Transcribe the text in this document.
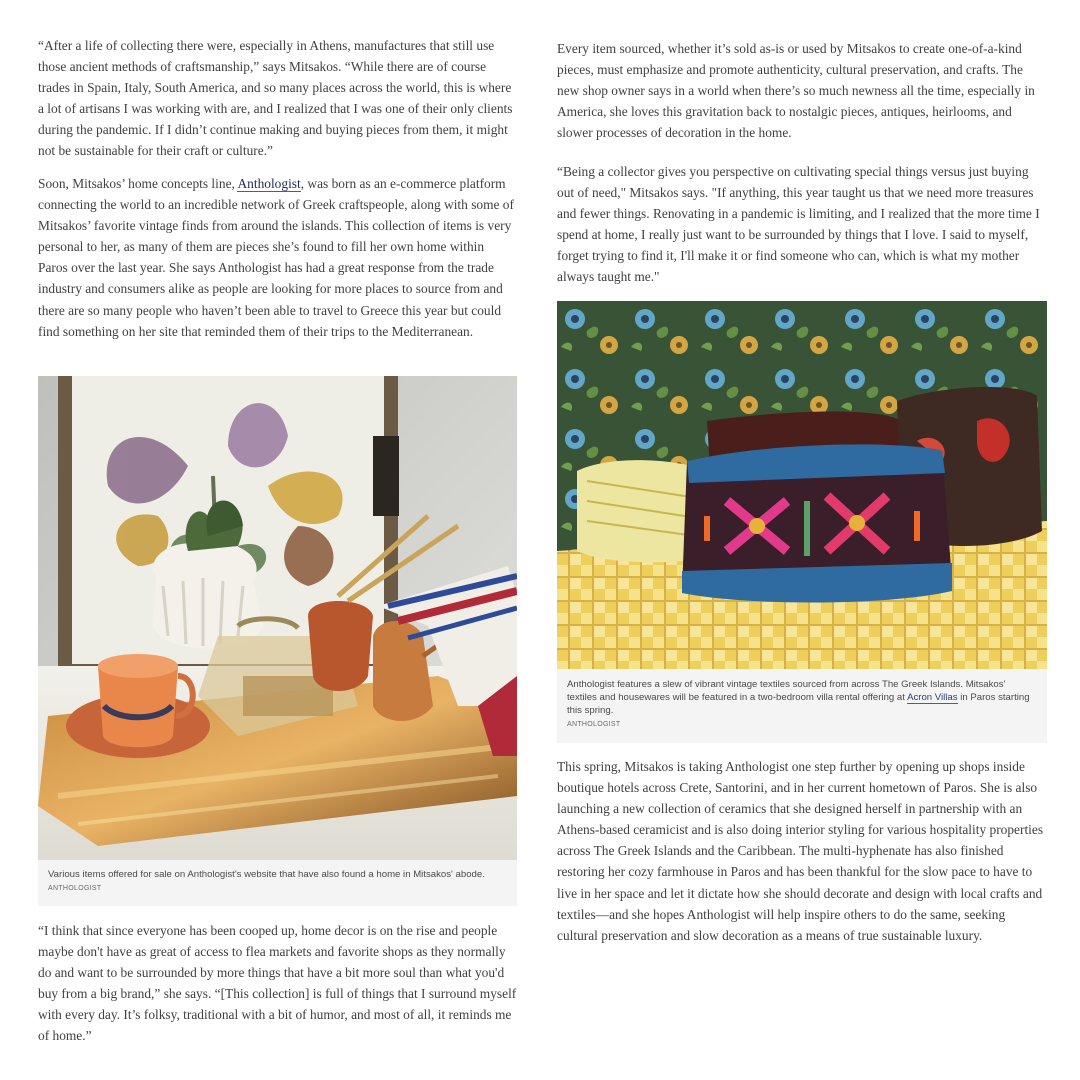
“After a life of collecting there were, especially in Athens, manufactures that still use those ancient methods of craftsmanship,” says Mitsakos. “While there are of course trades in Spain, Italy, South America, and so many places across the world, this is where a lot of artisans I was working with are, and I realized that I was one of their only clients during the pandemic. If I didn’t continue making and buying pieces from them, it might not be sustainable for their craft or culture.”

Soon, Mitsakos’ home concepts line, Anthologist, was born as an e-commerce platform connecting the world to an incredible network of Greek craftspeople, along with some of Mitsakos’ favorite vintage finds from around the islands. This collection of items is very personal to her, as many of them are pieces she’s found to fill her own home within Paros over the last year. She says Anthologist has had a great response from the trade industry and consumers alike as people are looking for more places to source from and there are so many people who haven’t been able to travel to Greece this year but could find something on her site that reminded them of their trips to the Mediterranean.

Various items offered for sale on Anthologist's website that have also found a home in Mitsakos' abode.

ANTHOLOGIST

“I think that since everyone has been cooped up, home decor is on the rise and people maybe don't have as great of access to flea markets and favorite shops as they normally do and want to be surrounded by more things that have a bit more soul than what you'd buy from a big brand,” she says. “[This collection] is full of things that I surround myself with every day. It’s folksy, traditional with a bit of humor, and most of all, it reminds me of home.”

Every item sourced, whether it’s sold as-is or used by Mitsakos to create one-of-a-kind pieces, must emphasize and promote authenticity, cultural preservation, and crafts. The new shop owner says in a world when there’s so much newness all the time, especially in America, she loves this gravitation back to nostalgic pieces, antiques, heirlooms, and slower processes of decoration in the home.

“Being a collector gives you perspective on cultivating special things versus just buying out of need," Mitsakos says. "If anything, this year taught us that we need more treasures and fewer things. Renovating in a pandemic is limiting, and I realized that the more time I spend at home, I really just want to be surrounded by things that I love. I said to myself, forget trying to find it, I'll make it or find someone who can, which is what my mother always taught me."

Anthologist features a slew of vibrant vintage textiles sourced from across The Greek Islands. Mitsakos' textiles and housewares will be featured in a two-bedroom villa rental offering at Acron Villas in Paros starting this spring.

ANTHOLOGIST

This spring, Mitsakos is taking Anthologist one step further by opening up shops inside boutique hotels across Crete, Santorini, and in her current hometown of Paros. She is also launching a new collection of ceramics that she designed herself in partnership with an Athens-based ceramicist and is also doing interior styling for various hospitality properties across The Greek Islands and the Caribbean. The multi-hyphenate has also finished restoring her cozy farmhouse in Paros and has been thankful for the slow pace to have to live in her space and let it dictate how she should decorate and design with local crafts and textiles—and she hopes Anthologist will help inspire others to do the same, seeking cultural preservation and slow decoration as a means of true sustainable luxury.
